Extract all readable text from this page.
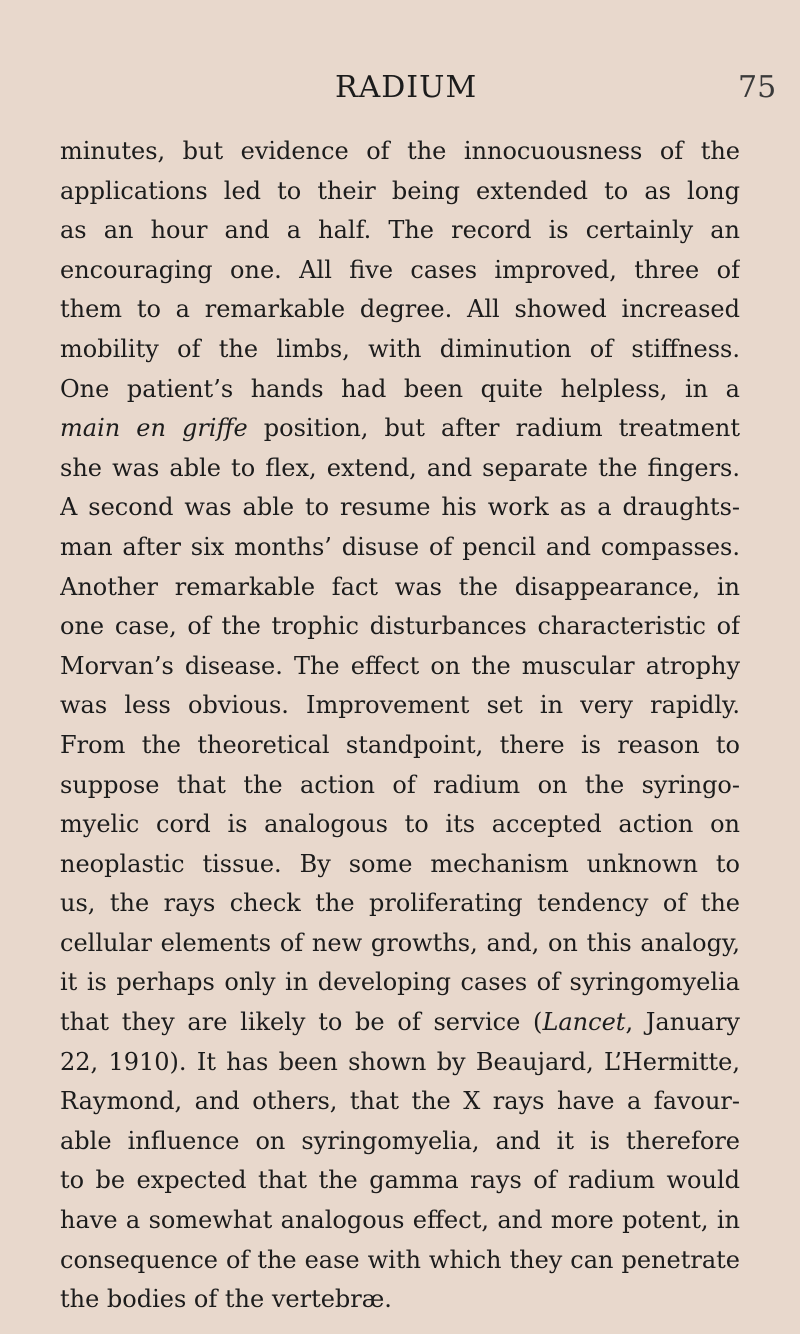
RADIUM	75
minutes, but evidence of the innocuousness of the
applications led to their being extended to as long
as an hour and a half. The record is certainly an
encouraging one. All five cases improved, three of
them to a remarkable degree. All showed increased
mobility of the limbs, with diminution of stiffness.
One patient’s hands had been quite helpless, in a
main en griffe position, but after radium treatment
she was able to flex, extend, and separate the fingers.
A second was able to resume his work as a draughts-
man after six months’ disuse of pencil and compasses.
Another remarkable fact was the disappearance, in
one case, of the trophic disturbances characteristic of
Morvan’s disease. The effect on the muscular atrophy
was less obvious. Improvement set in very rapidly.
From the theoretical standpoint, there is reason to
suppose that the action of radium on the syringo-
myelic cord is analogous to its accepted action on
neoplastic tissue. By some mechanism unknown to
us, the rays check the proliferating tendency of the
cellular elements of new growths, and, on this analogy,
it is perhaps only in developing cases of syringomyelia
that they are likely to be of service (Lancet, January
22, 1910). It has been shown by Beaujard, L’Hermitte,
Raymond, and others, that the X rays have a favour-
able influence on syringomyelia, and it is therefore
to be expected that the gamma rays of radium would
have a somewhat analogous effect, and more potent, in
consequence of the ease with which they can penetrate
the bodies of the vertebræ.
